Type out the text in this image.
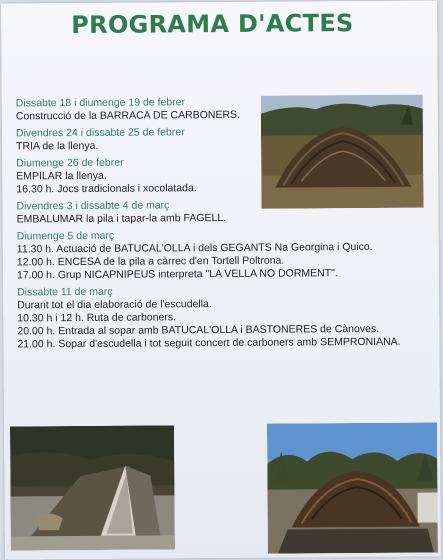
PROGRAMA D'ACTES
Dissabte 18 i diumenge 19 de febrer
Construcció de la BARRACA DE CARBONERS.
Divendres 24 i dissabte 25 de febrer
TRIA de la llenya.
Diumenge 26 de febrer
EMPILAR la llenya.
16.30 h. Jocs tradicionals i xocolatada.
Divendres 3 i dissabte 4 de març
EMBALUMAR la pila i tapar-la amb FAGELL.
Diumenge 5 de març
11.30 h. Actuació de BATUCAL'OLLA i dels GEGANTS Na Georgina i Quico.
12.00 h. ENCESA de la pila a càrrec d'en Tortell Poltrona.
17.00 h. Grup NICAPNIPEUS interpreta "LA VELLA NO DORMENT".
Dissabte 11 de març
Durant tot el dia elaboració de l'escudella.
10.30 h i 12 h. Ruta de carboners.
20.00 h. Entrada al sopar amb BATUCAL'OLLA i BASTONERES de Cànoves.
21.00 h. Sopar d'escudella i tot seguit concert de carboners amb SEMPRONIANA.
